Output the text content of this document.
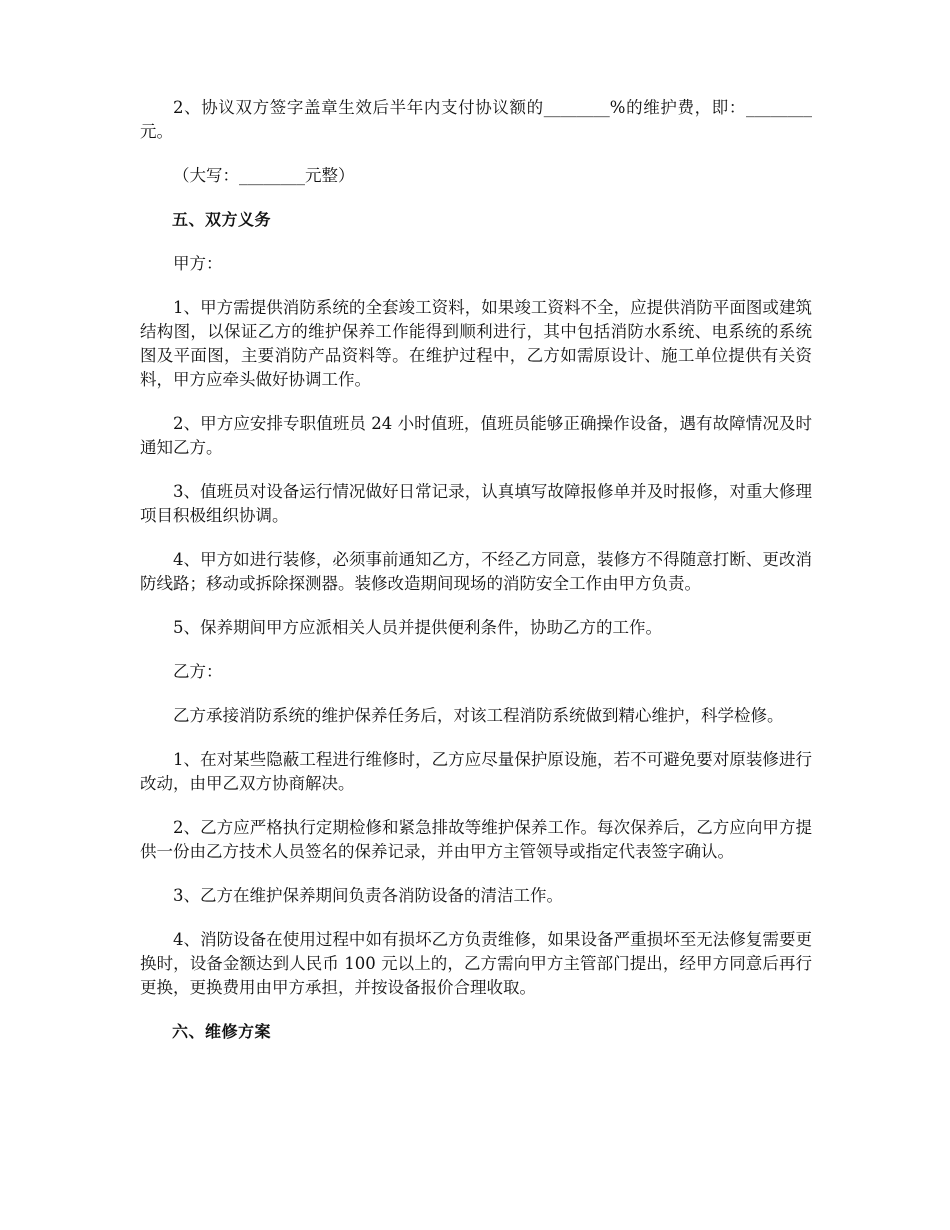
2、协议双方签字盖章生效后半年内支付协议额的________%的维护费，即：________元。

（大写：________元整）

五、双方义务

甲方：

1、甲方需提供消防系统的全套竣工资料，如果竣工资料不全，应提供消防平面图或建筑结构图，以保证乙方的维护保养工作能得到顺利进行，其中包括消防水系统、电系统的系统图及平面图，主要消防产品资料等。在维护过程中，乙方如需原设计、施工单位提供有关资料，甲方应牵头做好协调工作。

2、甲方应安排专职值班员 24 小时值班，值班员能够正确操作设备，遇有故障情况及时通知乙方。

3、值班员对设备运行情况做好日常记录，认真填写故障报修单并及时报修，对重大修理项目积极组织协调。

4、甲方如进行装修，必须事前通知乙方，不经乙方同意，装修方不得随意打断、更改消防线路；移动或拆除探测器。装修改造期间现场的消防安全工作由甲方负责。

5、保养期间甲方应派相关人员并提供便利条件，协助乙方的工作。

乙方：

乙方承接消防系统的维护保养任务后，对该工程消防系统做到精心维护，科学检修。

1、在对某些隐蔽工程进行维修时，乙方应尽量保护原设施，若不可避免要对原装修进行改动，由甲乙双方协商解决。

2、乙方应严格执行定期检修和紧急排故等维护保养工作。每次保养后，乙方应向甲方提供一份由乙方技术人员签名的保养记录，并由甲方主管领导或指定代表签字确认。

3、乙方在维护保养期间负责各消防设备的清洁工作。

4、消防设备在使用过程中如有损坏乙方负责维修，如果设备严重损坏至无法修复需要更换时，设备金额达到人民币 100 元以上的，乙方需向甲方主管部门提出，经甲方同意后再行更换，更换费用由甲方承担，并按设备报价合理收取。

六、维修方案
